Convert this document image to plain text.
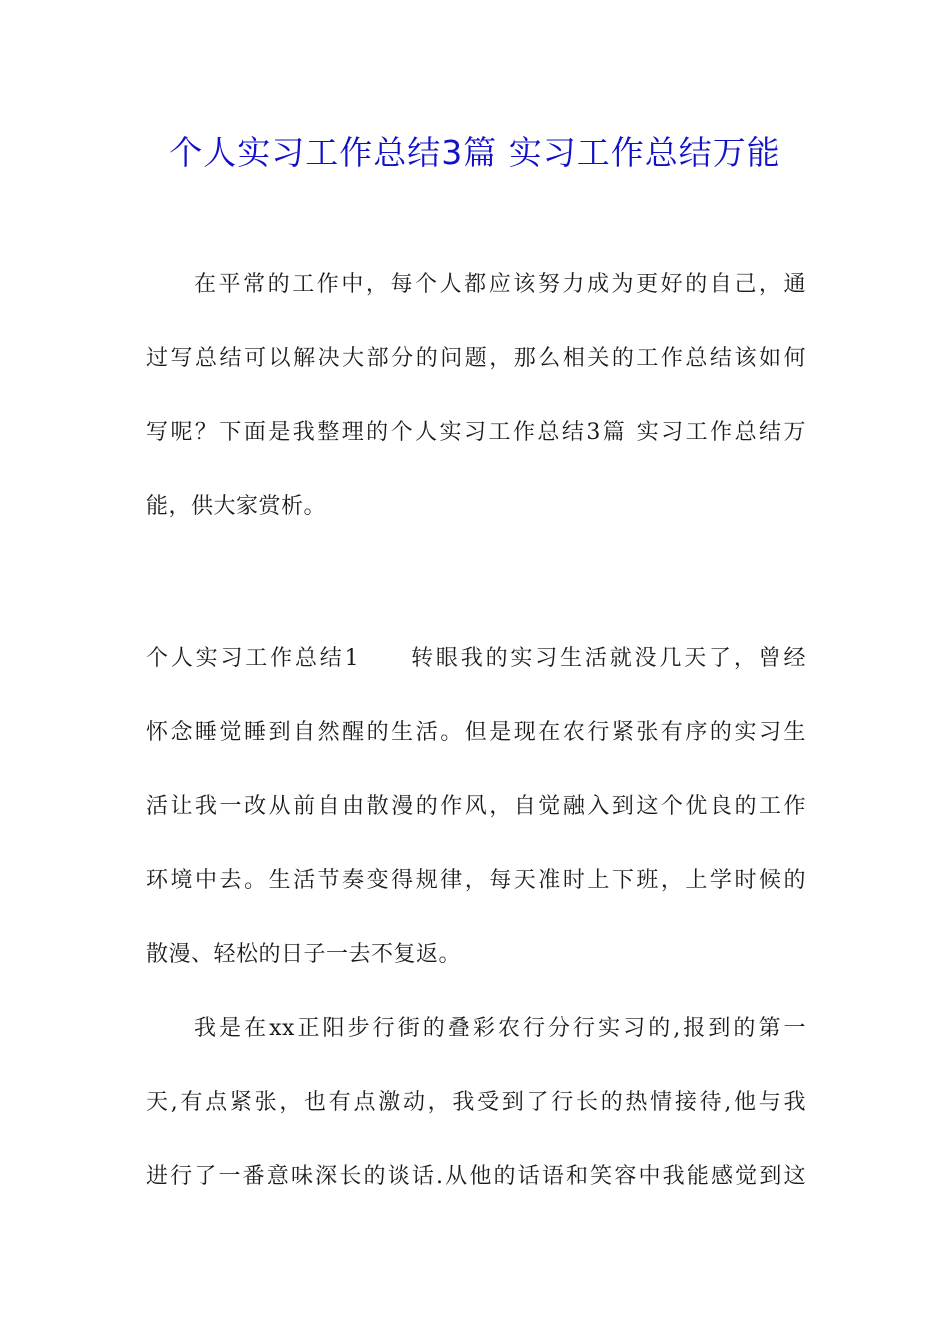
个人实习工作总结3篇 实习工作总结万能
在平常的工作中，每个人都应该努力成为更好的自己，通
过写总结可以解决大部分的问题，那么相关的工作总结该如何
写呢？下面是我整理的个人实习工作总结3篇 实习工作总结万
能，供大家赏析。
个人实习工作总结1　　转眼我的实习生活就没几天了，曾经
怀念睡觉睡到自然醒的生活。但是现在农行紧张有序的实习生
活让我一改从前自由散漫的作风，自觉融入到这个优良的工作
环境中去。生活节奏变得规律，每天准时上下班，上学时候的
散漫、轻松的日子一去不复返。
我是在xx正阳步行街的叠彩农行分行实习的,报到的第一
天,有点紧张，也有点激动，我受到了行长的热情接待,他与我
进行了一番意味深长的谈话.从他的话语和笑容中我能感觉到这
